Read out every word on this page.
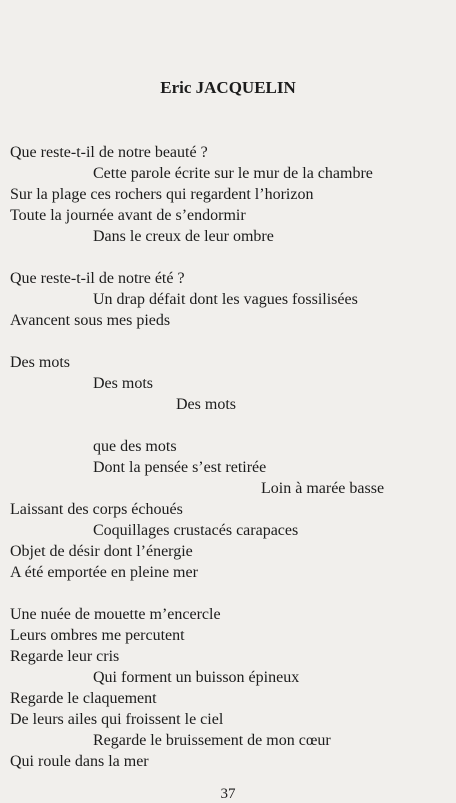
Eric JACQUELIN
Que reste-t-il de notre beauté ?
Cette parole écrite sur le mur de la chambre
Sur la plage ces rochers qui regardent l’horizon
Toute la journée avant de s’endormir
Dans le creux de leur ombre
Que reste-t-il de notre été ?
Un drap défait dont les vagues fossilisées
Avancent sous mes pieds
Des mots
Des mots
Des mots
que des mots
Dont la pensée s’est retirée
Loin à marée basse
Laissant des corps échoués
Coquillages crustacés carapaces
Objet de désir dont l’énergie
A été emportée en pleine mer
Une nuée de mouette m’encercle
Leurs ombres me percutent
Regarde leur cris
Qui forment un buisson épineux
Regarde le claquement
De leurs ailes qui froissent le ciel
Regarde le bruissement de mon cœur
Qui roule dans la mer
37
